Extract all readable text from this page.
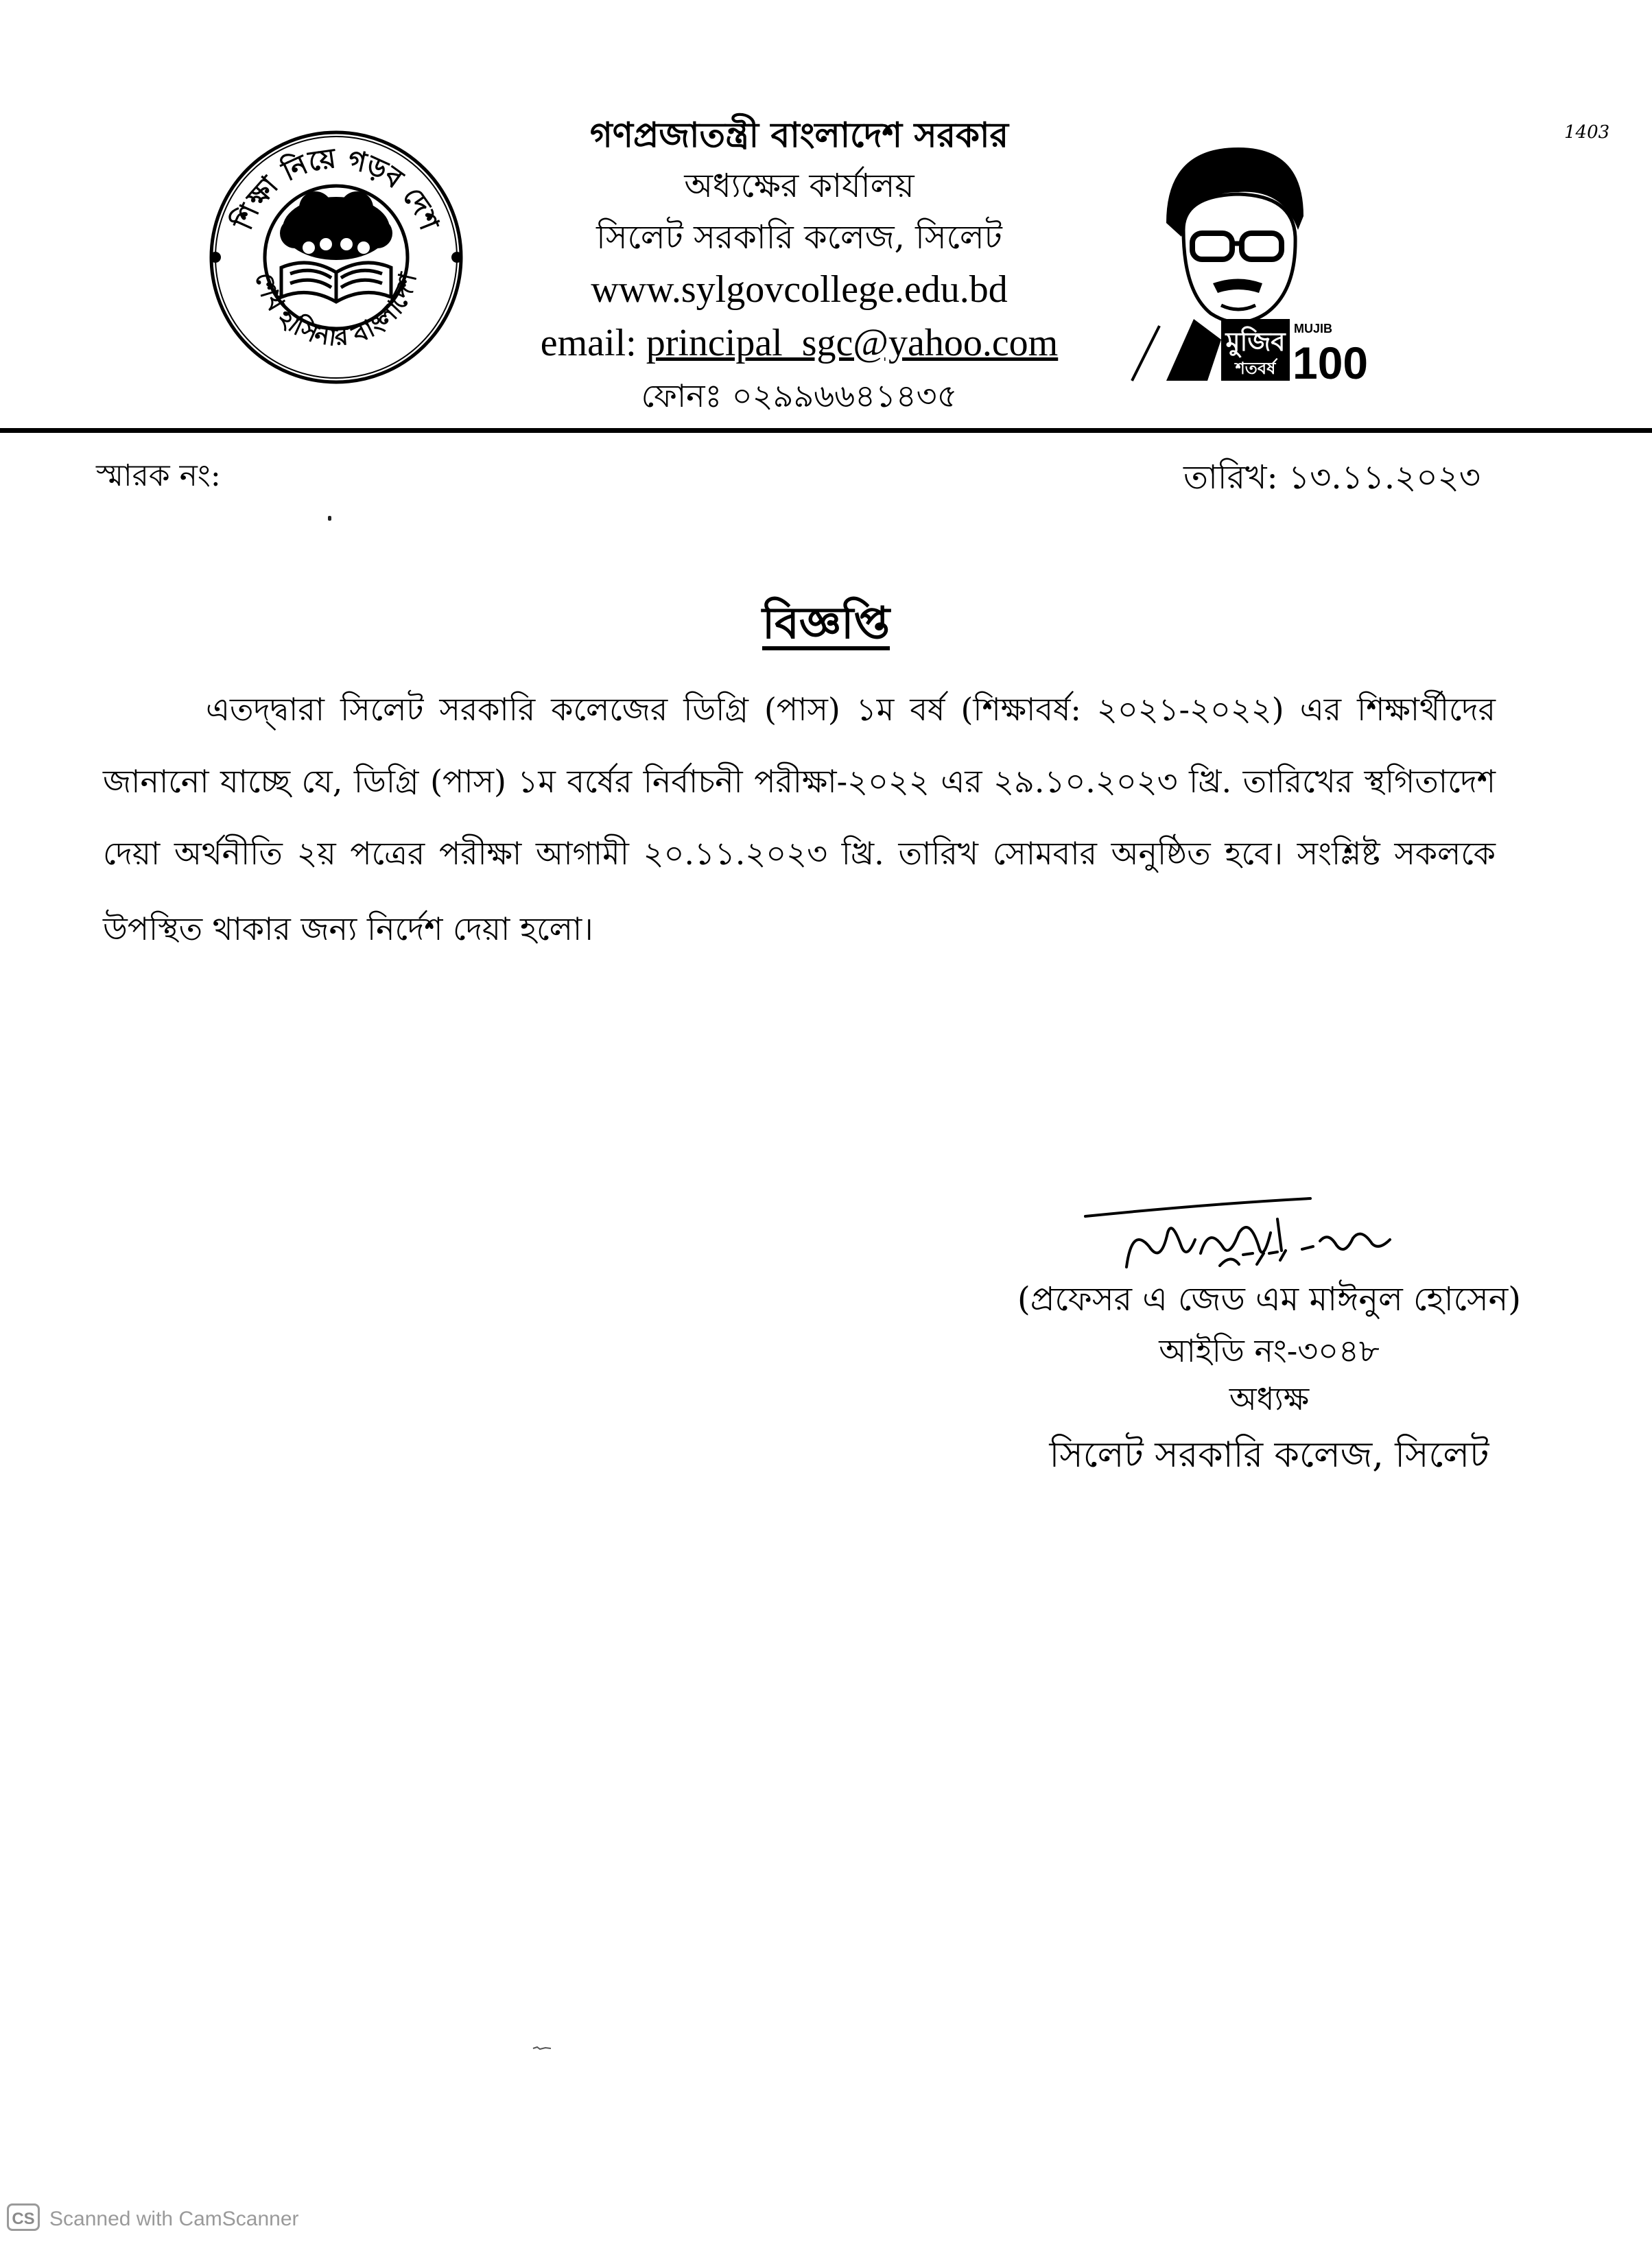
1403
শিক্ষা নিয়ে গড়ব দেশ
শেখ হাসিনার বাংলাদেশ
গণপ্রজাতন্ত্রী বাংলাদেশ সরকার
অধ্যক্ষের কার্যালয়
সিলেট সরকারি কলেজ, সিলেট
www.sylgovcollege.edu.bd
email: principal_sgc@yahoo.com
ফোনঃ ০২৯৯৬৬৪১৪৩৫
মুজিব
শতবর্ষ
MUJIB
100
স্মারক নং:	তারিখ: ১৩.১১.২০২৩
বিজ্ঞপ্তি
এতদ্দ্বারা সিলেট সরকারি কলেজের ডিগ্রি (পাস) ১ম বর্ষ (শিক্ষাবর্ষ: ২০২১-২০২২) এর শিক্ষার্থীদের
জানানো যাচ্ছে যে, ডিগ্রি (পাস) ১ম বর্ষের নির্বাচনী পরীক্ষা-২০২২ এর ২৯.১০.২০২৩ খ্রি. তারিখের স্থগিতাদেশ
দেয়া অর্থনীতি ২য় পত্রের পরীক্ষা আগামী ২০.১১.২০২৩ খ্রি. তারিখ সোমবার অনুষ্ঠিত হবে। সংশ্লিষ্ট সকলকে
উপস্থিত থাকার জন্য নির্দেশ দেয়া হলো।
(প্রফেসর এ জেড এম মাঈনুল হোসেন)
আইডি নং-৩০৪৮
অধ্যক্ষ
সিলেট সরকারি কলেজ, সিলেট
CS Scanned with CamScanner
